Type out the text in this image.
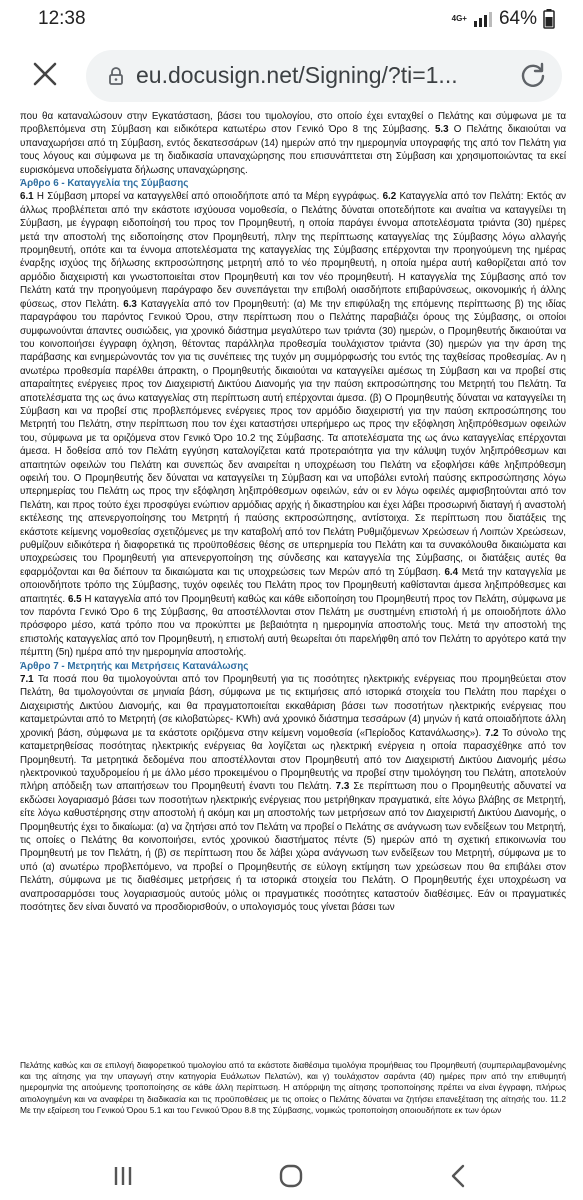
12:38	4G+ 64%
eu.docusign.net/Signing/?ti=1...

που θα καταναλώσουν στην Εγκατάσταση, βάσει του τιμολογίου, στο οποίο έχει ενταχθεί ο Πελάτης και σύμφωνα με τα προβλεπόμενα στη Σύμβαση και ειδικότερα κατωτέρω στον Γενικό Όρο 8 της Σύμβασης. 5.3 Ο Πελάτης δικαιούται να υπαναχωρήσει από τη Σύμβαση, εντός δεκατεσσάρων (14) ημερών από την ημερομηνία υπογραφής της από τον Πελάτη για τους λόγους και σύμφωνα με τη διαδικασία υπαναχώρησης που επισυνάπτεται στη Σύμβαση και χρησιμοποιώντας τα εκεί ευρισκόμενα υποδείγματα δήλωσης υπαναχώρησης.

Άρθρο 6 - Καταγγελία της Σύμβασης

6.1 Η Σύμβαση μπορεί να καταγγελθεί από οποιοδήποτε από τα Μέρη εγγράφως. 6.2 Καταγγελία από τον Πελάτη: Εκτός αν άλλως προβλέπεται από την εκάστοτε ισχύουσα νομοθεσία, ο Πελάτης δύναται οποτεδήποτε και αναίτια να καταγγείλει τη Σύμβαση, με έγγραφη ειδοποίησή του προς τον Προμηθευτή, η οποία παράγει έννομα αποτελέσματα τριάντα (30) ημέρες μετά την αποστολή της ειδοποίησης στον Προμηθευτή, πλην της περίπτωσης καταγγελίας της Σύμβασης λόγω αλλαγής προμηθευτή, οπότε και τα έννομα αποτελέσματα της καταγγελίας της Σύμβασης επέρχονται την προηγούμενη της ημέρας έναρξης ισχύος της δήλωσης εκπροσώπησης μετρητή από το νέο προμηθευτή, η οποία ημέρα αυτή καθορίζεται από τον αρμόδιο διαχειριστή και γνωστοποιείται στον Προμηθευτή και τον νέο προμηθευτή. Η καταγγελία της Σύμβασης από τον Πελάτη κατά την προηγούμενη παράγραφο δεν συνεπάγεται την επιβολή οιασδήποτε επιβαρύνσεως, οικονομικής ή άλλης φύσεως, στον Πελάτη. 6.3 Καταγγελία από τον Προμηθευτή: (α) Με την επιφύλαξη της επόμενης περίπτωσης β) της ιδίας παραγράφου του παρόντος Γενικού Όρου, στην περίπτωση που ο Πελάτης παραβιάζει όρους της Σύμβασης, οι οποίοι συμφωνούνται άπαντες ουσιώδεις, για χρονικό διάστημα μεγαλύτερο των τριάντα (30) ημερών, ο Προμηθευτής δικαιούται να του κοινοποιήσει έγγραφη όχληση, θέτοντας παράλληλα προθεσμία τουλάχιστον τριάντα (30) ημερών για την άρση της παράβασης και ενημερώνοντάς τον για τις συνέπειες της τυχόν μη συμμόρφωσής του εντός της ταχθείσας προθεσμίας. Αν η ανωτέρω προθεσμία παρέλθει άπρακτη, ο Προμηθευτής δικαιούται να καταγγείλει αμέσως τη Σύμβαση και να προβεί στις απαραίτητες ενέργειες προς τον Διαχειριστή Δικτύου Διανομής για την παύση εκπροσώπησης του Μετρητή του Πελάτη. Τα αποτελέσματα της ως άνω καταγγελίας στη περίπτωση αυτή επέρχονται άμεσα. (β) Ο Προμηθευτής δύναται να καταγγείλει τη Σύμβαση και να προβεί στις προβλεπόμενες ενέργειες προς τον αρμόδιο διαχειριστή για την παύση εκπροσώπησης του Μετρητή του Πελάτη, στην περίπτωση που τον έχει καταστήσει υπερήμερο ως προς την εξόφληση ληξιπρόθεσμων οφειλών του, σύμφωνα με τα οριζόμενα στον Γενικό Όρο 10.2 της Σύμβασης. Τα αποτελέσματα της ως άνω καταγγελίας επέρχονται άμεσα. Η δοθείσα από τον Πελάτη εγγύηση καταλογίζεται κατά προτεραιότητα για την κάλυψη τυχόν ληξιπρόθεσμων και απαιτητών οφειλών του Πελάτη και συνεπώς δεν αναιρείται η υποχρέωση του Πελάτη να εξοφλήσει κάθε ληξιπρόθεσμη οφειλή του. Ο Προμηθευτής δεν δύναται να καταγγείλει τη Σύμβαση και να υποβάλει εντολή παύσης εκπροσώπησης λόγω υπερημερίας του Πελάτη ως προς την εξόφληση ληξιπρόθεσμων οφειλών, εάν οι εν λόγω οφειλές αμφισβητούνται από τον Πελάτη, και προς τούτο έχει προσφύγει ενώπιον αρμόδιας αρχής ή δικαστηρίου και έχει λάβει προσωρινή διαταγή ή αναστολή εκτέλεσης της απενεργοποίησης του Μετρητή ή παύσης εκπροσώπησης, αντίστοιχα. Σε περίπτωση που διατάξεις της εκάστοτε κείμενης νομοθεσίας σχετιζόμενες με την καταβολή από τον Πελάτη Ρυθμιζόμενων Χρεώσεων ή Λοιπών Χρεώσεων, ρυθμίζουν ειδικότερα ή διαφορετικά τις προϋποθέσεις θέσης σε υπερημερία του Πελάτη και τα συνακόλουθα δικαιώματα και υποχρεώσεις του Προμηθευτή για απενεργοποίηση της σύνδεσης και καταγγελία της Σύμβασης, οι διατάξεις αυτές θα εφαρμόζονται και θα διέπουν τα δικαιώματα και τις υποχρεώσεις των Μερών από τη Σύμβαση. 6.4 Μετά την καταγγελία με οποιονδήποτε τρόπο της Σύμβασης, τυχόν οφειλές του Πελάτη προς τον Προμηθευτή καθίστανται άμεσα ληξιπρόθεσμες και απαιτητές. 6.5 Η καταγγελία από τον Προμηθευτή καθώς και κάθε ειδοποίηση του Προμηθευτή προς τον Πελάτη, σύμφωνα με τον παρόντα Γενικό Όρο 6 της Σύμβασης, θα αποστέλλονται στον Πελάτη με συστημένη επιστολή ή με οποιοδήποτε άλλο πρόσφορο μέσο, κατά τρόπο που να προκύπτει με βεβαιότητα η ημερομηνία αποστολής τους. Μετά την αποστολή της επιστολής καταγγελίας από τον Προμηθευτή, η επιστολή αυτή θεωρείται ότι παρελήφθη από τον Πελάτη το αργότερο κατά την πέμπτη (5η) ημέρα από την ημερομηνία αποστολής.

Άρθρο 7 - Μετρητής και Μετρήσεις Κατανάλωσης

7.1 Τα ποσά που θα τιμολογούνται από τον Προμηθευτή για τις ποσότητες ηλεκτρικής ενέργειας που προμηθεύεται στον Πελάτη, θα τιμολογούνται σε μηνιαία βάση, σύμφωνα με τις εκτιμήσεις από ιστορικά στοιχεία του Πελάτη που παρέχει ο Διαχειριστής Δικτύου Διανομής, και θα πραγματοποιείται εκκαθάριση βάσει των ποσοτήτων ηλεκτρικής ενέργειας που καταμετρώνται από το Μετρητή (σε κιλοβατώρες- KWh) ανά χρονικό διάστημα τεσσάρων (4) μηνών ή κατά οποιαδήποτε άλλη χρονική βάση, σύμφωνα με τα εκάστοτε οριζόμενα στην κείμενη νομοθεσία («Περίοδος Κατανάλωσης»). 7.2 Το σύνολο της καταμετρηθείσας ποσότητας ηλεκτρικής ενέργειας θα λογίζεται ως ηλεκτρική ενέργεια η οποία παρασχέθηκε από τον Προμηθευτή. Τα μετρητικά δεδομένα που αποστέλλονται στον Προμηθευτή από τον Διαχειριστή Δικτύου Διανομής μέσω ηλεκτρονικού ταχυδρομείου ή με άλλο μέσο προκειμένου ο Προμηθευτής να προβεί στην τιμολόγηση του Πελάτη, αποτελούν πλήρη απόδειξη των απαιτήσεων του Προμηθευτή έναντι του Πελάτη. 7.3 Σε περίπτωση που ο Προμηθευτής αδυνατεί να εκδώσει λογαριασμό βάσει των ποσοτήτων ηλεκτρικής ενέργειας που μετρήθηκαν πραγματικά, είτε λόγω βλάβης σε Μετρητή, είτε λόγω καθυστέρησης στην αποστολή ή ακόμη και μη αποστολής των μετρήσεων από τον Διαχειριστή Δικτύου Διανομής, ο Προμηθευτής έχει το δικαίωμα: (α) να ζητήσει από τον Πελάτη να προβεί ο Πελάτης σε ανάγνωση των ενδείξεων του Μετρητή, τις οποίες ο Πελάτης θα κοινοποιήσει, εντός χρονικού διαστήματος πέντε (5) ημερών από τη σχετική επικοινωνία του Προμηθευτή με τον Πελάτη, ή (β) σε περίπτωση που δε λάβει χώρα ανάγνωση των ενδείξεων του Μετρητή, σύμφωνα με το υπό (α) ανωτέρω προβλεπόμενο, να προβεί ο Προμηθευτής σε εύλογη εκτίμηση των χρεώσεων που θα επιβάλει στον Πελάτη, σύμφωνα με τις διαθέσιμες μετρήσεις ή τα ιστορικά στοιχεία του Πελάτη. Ο Προμηθευτής έχει υποχρέωση να αναπροσαρμόσει τους λογαριασμούς αυτούς μόλις οι πραγματικές ποσότητες καταστούν διαθέσιμες. Εάν οι πραγματικές ποσότητες δεν είναι δυνατό να προσδιορισθούν, ο υπολογισμός τους γίνεται βάσει των

Πελάτης καθώς και σε επιλογή διαφορετικού τιμολογίου από τα εκάστοτε διαθέσιμα τιμολόγια προμήθειας του Προμηθευτή (συμπεριλαμβανομένης και της αίτησης για την υπαγωγή στην κατηγορία Ευάλωτων Πελατών), και γ) τουλάχιστον σαράντα (40) ημέρες πριν από την επιθυμητή ημερομηνία της αιτούμενης τροποποίησης σε κάθε άλλη περίπτωση. Η απόρριψη της αίτησης τροποποίησης πρέπει να είναι έγγραφη, πλήρως αιτιολογημένη και να αναφέρει τη διαδικασία και τις προϋποθέσεις με τις οποίες ο Πελάτης δύναται να ζητήσει επανεξέταση της αίτησής του. 11.2 Με την εξαίρεση του Γενικού Όρου 5.1 και του Γενικού Όρου 8.8 της Σύμβασης, νομικώς τροποποίηση οποιουδήποτε εκ των όρων
